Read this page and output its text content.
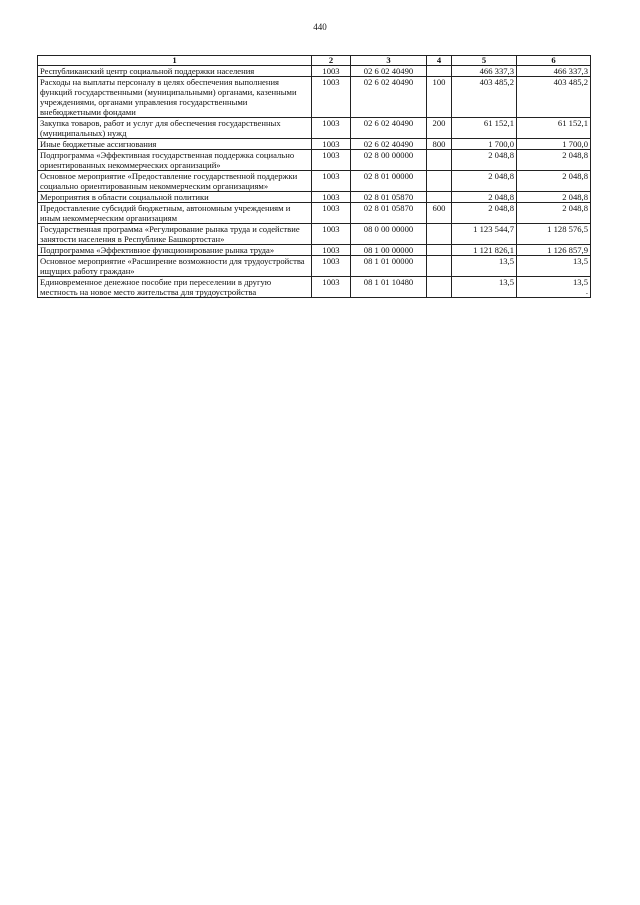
440
1	2	3	4	5	6
Республиканский центр социальной поддержки населения	1003	02 6 02 40490		466 337,3	466 337,3
Расходы на выплаты персоналу в целях обеспечения выполнения функций государственными (муниципальными) органами, казенными учреждениями, органами управления государственными внебюджетными фондами	1003	02 6 02 40490	100	403 485,2	403 485,2
Закупка товаров, работ и услуг для обеспечения государственных (муниципальных) нужд	1003	02 6 02 40490	200	61 152,1	61 152,1
Иные бюджетные ассигнования	1003	02 6 02 40490	800	1 700,0	1 700,0
Подпрограмма «Эффективная государственная поддержка социально ориентированных некоммерческих организаций»	1003	02 8 00 00000		2 048,8	2 048,8
Основное мероприятие «Предоставление государственной поддержки социально ориентированным некоммерческим организациям»	1003	02 8 01 00000		2 048,8	2 048,8
Мероприятия в области социальной политики	1003	02 8 01 05870		2 048,8	2 048,8
Предоставление субсидий бюджетным, автономным учреждениям и иным некоммерческим организациям	1003	02 8 01 05870	600	2 048,8	2 048,8
Государственная программа «Регулирование рынка труда и содействие занятости населения в Республике Башкортостан»	1003	08 0 00 00000		1 123 544,7	1 128 576,5
Подпрограмма «Эффективное функционирование рынка труда»	1003	08 1 00 00000		1 121 826,1	1 126 857,9
Основное мероприятие «Расширение возможности для трудоустройства ищущих работу граждан»	1003	08 1 01 00000		13,5	13,5
Единовременное денежное пособие при переселении в другую местность на новое место жительства для трудоустройства	1003	08 1 01 10480		13,5	13,5
.
